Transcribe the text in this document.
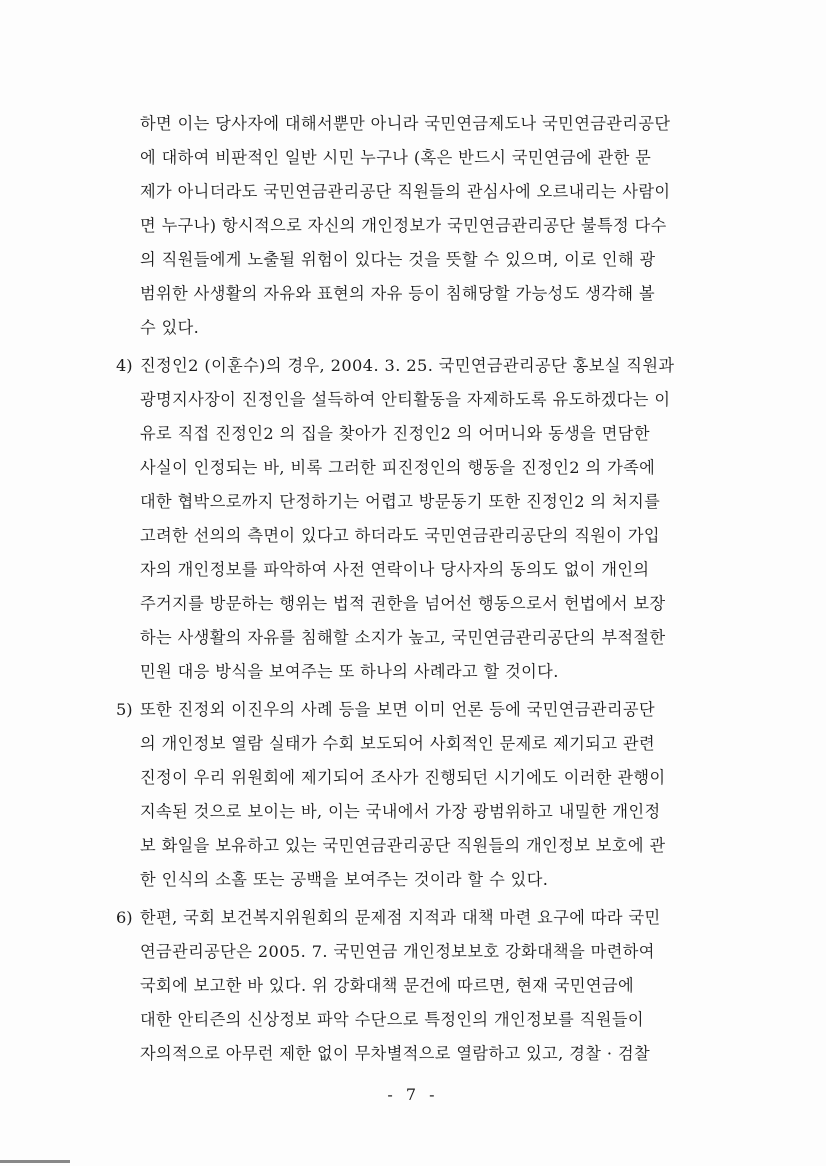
하면 이는 당사자에 대해서뿐만 아니라 국민연금제도나 국민연금관리공단
에 대하여 비판적인 일반 시민 누구나 (혹은 반드시 국민연금에 관한 문
제가 아니더라도 국민연금관리공단 직원들의 관심사에 오르내리는 사람이
면 누구나) 항시적으로 자신의 개인정보가 국민연금관리공단 불특정 다수
의 직원들에게 노출될 위험이 있다는 것을 뜻할 수 있으며, 이로 인해 광
범위한 사생활의 자유와 표현의 자유 등이 침해당할 가능성도 생각해 볼
수 있다.
4) 진정인2 (이훈수)의 경우, 2004. 3. 25. 국민연금관리공단 홍보실 직원과
광명지사장이 진정인을 설득하여 안티활동을 자제하도록 유도하겠다는 이
유로 직접 진정인2 의 집을 찾아가 진정인2 의 어머니와 동생을 면담한
사실이 인정되는 바, 비록 그러한 피진정인의 행동을 진정인2 의 가족에
대한 협박으로까지 단정하기는 어렵고 방문동기 또한 진정인2 의 처지를
고려한 선의의 측면이 있다고 하더라도 국민연금관리공단의 직원이 가입
자의 개인정보를 파악하여 사전 연락이나 당사자의 동의도 없이 개인의
주거지를 방문하는 행위는 법적 권한을 넘어선 행동으로서 헌법에서 보장
하는 사생활의 자유를 침해할 소지가 높고, 국민연금관리공단의 부적절한
민원 대응 방식을 보여주는 또 하나의 사례라고 할 것이다.
5) 또한 진정외 이진우의 사례 등을 보면 이미 언론 등에 국민연금관리공단
의 개인정보 열람 실태가 수회 보도되어 사회적인 문제로 제기되고 관련
진정이 우리 위원회에 제기되어 조사가 진행되던 시기에도 이러한 관행이
지속된 것으로 보이는 바, 이는 국내에서 가장 광범위하고 내밀한 개인정
보 화일을 보유하고 있는 국민연금관리공단 직원들의 개인정보 보호에 관
한 인식의 소홀 또는 공백을 보여주는 것이라 할 수 있다.
6) 한편, 국회 보건복지위원회의 문제점 지적과 대책 마련 요구에 따라 국민
연금관리공단은 2005. 7. 국민연금 개인정보보호 강화대책을 마련하여
국회에 보고한 바 있다. 위 강화대책 문건에 따르면, 현재 국민연금에
대한 안티즌의 신상정보 파악 수단으로 특정인의 개인정보를 직원들이
자의적으로 아무런 제한 없이 무차별적으로 열람하고 있고, 경찰 · 검찰
- 7 -
